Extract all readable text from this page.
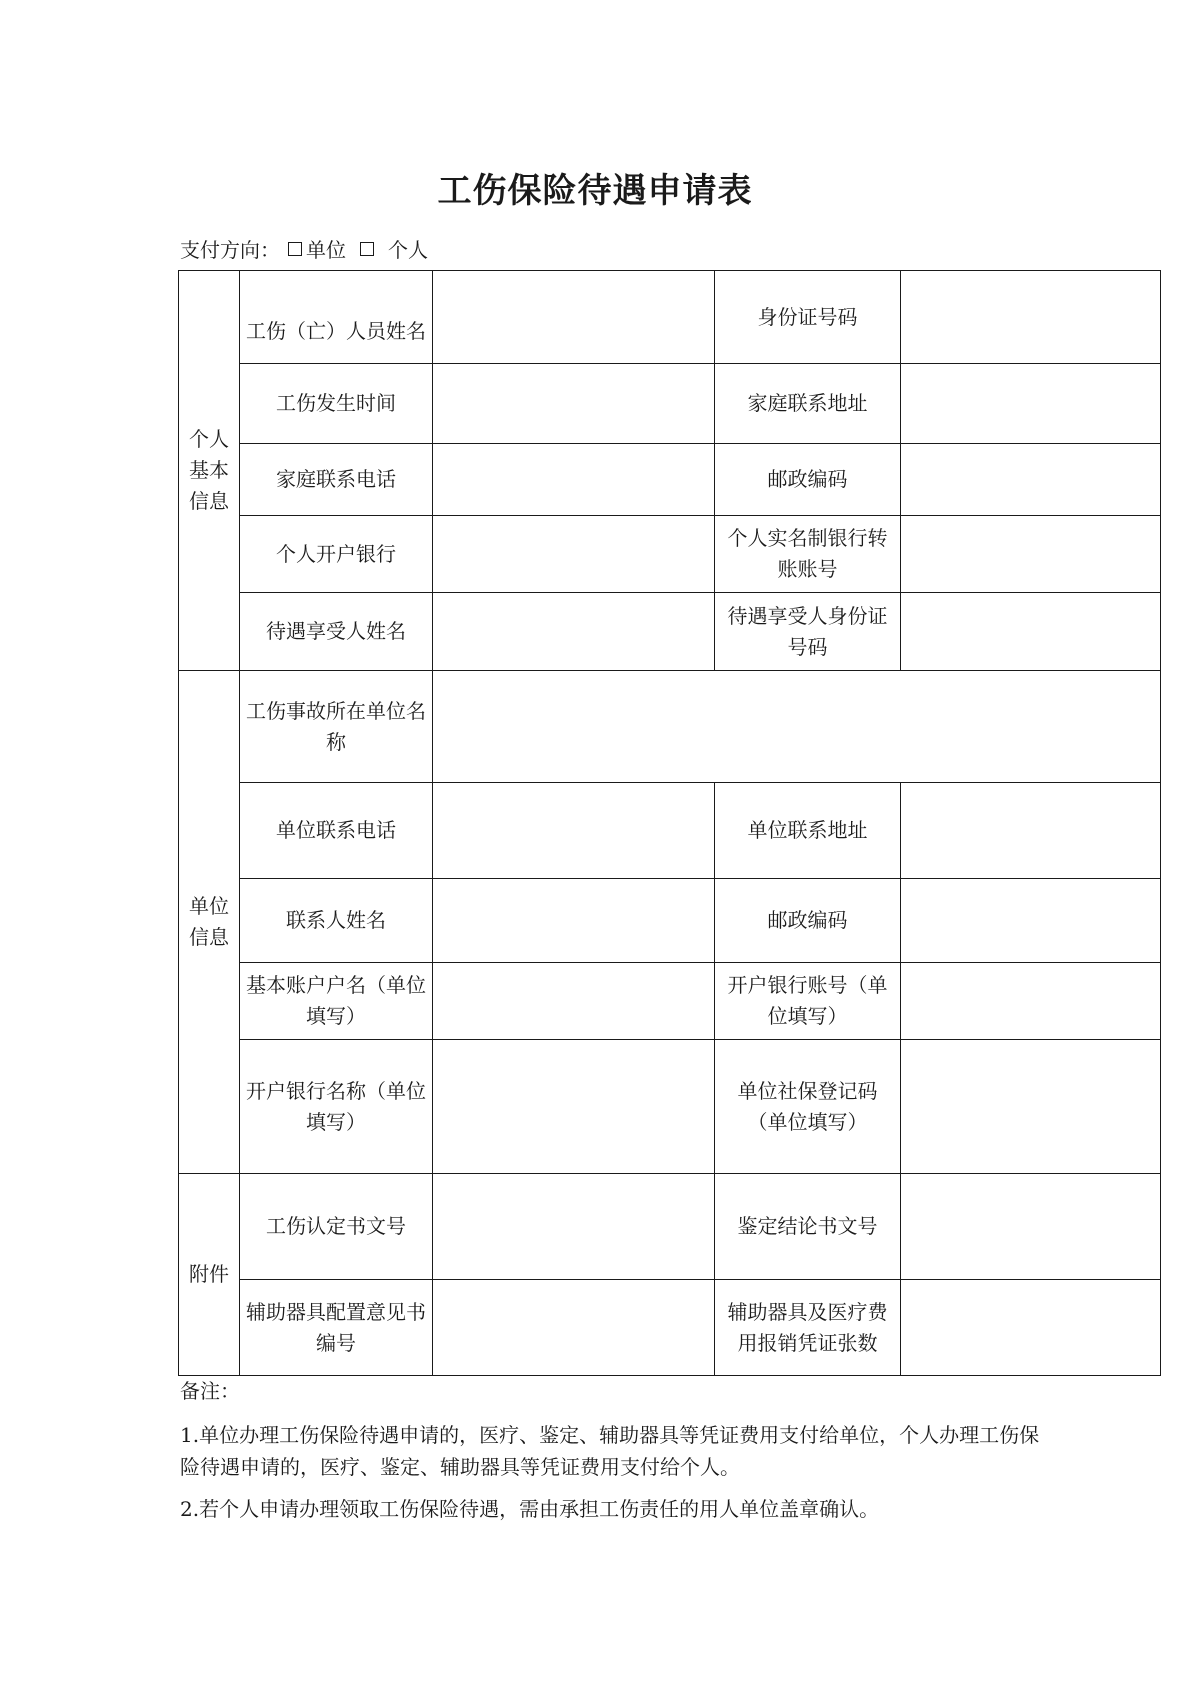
工伤保险待遇申请表
支付方向： 单位 个人
个人基本信息	工伤（亡）人员姓名		身份证号码	
	工伤发生时间		家庭联系地址	
	家庭联系电话		邮政编码	
	个人开户银行		个人实名制银行转账账号	
	待遇享受人姓名		待遇享受人身份证号码	

单位信息	工伤事故所在单位名称			
	单位联系电话		单位联系地址	
	联系人姓名		邮政编码	
	基本账户户名（单位填写）		开户银行账号（单位填写）	
	开户银行名称（单位填写）		单位社保登记码（单位填写）	

附件	工伤认定书文号		鉴定结论书文号	
	辅助器具配置意见书编号		辅助器具及医疗费用报销凭证张数	

备注：

1.单位办理工伤保险待遇申请的，医疗、鉴定、辅助器具等凭证费用支付给单位，个人办理工伤保险待遇申请的，医疗、鉴定、辅助器具等凭证费用支付给个人。

2.若个人申请办理领取工伤保险待遇，需由承担工伤责任的用人单位盖章确认。
